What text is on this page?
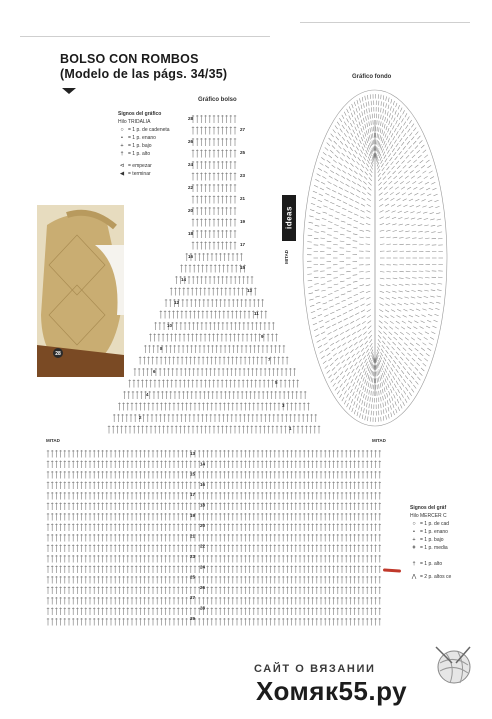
BOLSO CON ROMBOS
(Modelo de las págs. 34/35)
Signos del gráfico
Hilo TRIDALIA
○ = 1 p. de cadeneta
•	= 1 p. enano
+ = 1 p. bajo
† = 1 p. alto
⊲ = empezar
◀ = terminar
Gráfico bolso
Gráfico fondo
28
26
24
22
20
18
16
14
12
10
8
6
4
2
27
25
23
21
19
17
15
13
11
9
7
5
3
1
13
14
15
16
17
18
19
20
21
22
23
24
25
26
27
28
29
MITAD
ideas
28
MITAD	MITAD
Signos del gráf
Hilo MERCER C
○ = 1 p. de cad
•	= 1 p. enano
+ = 1 p. bajo
ǂ = 1 p. media
† = 1 p. alto
⋀ = 2 p. altos ce
САЙТ О ВЯЗАНИИ
Хомяк55.ру
